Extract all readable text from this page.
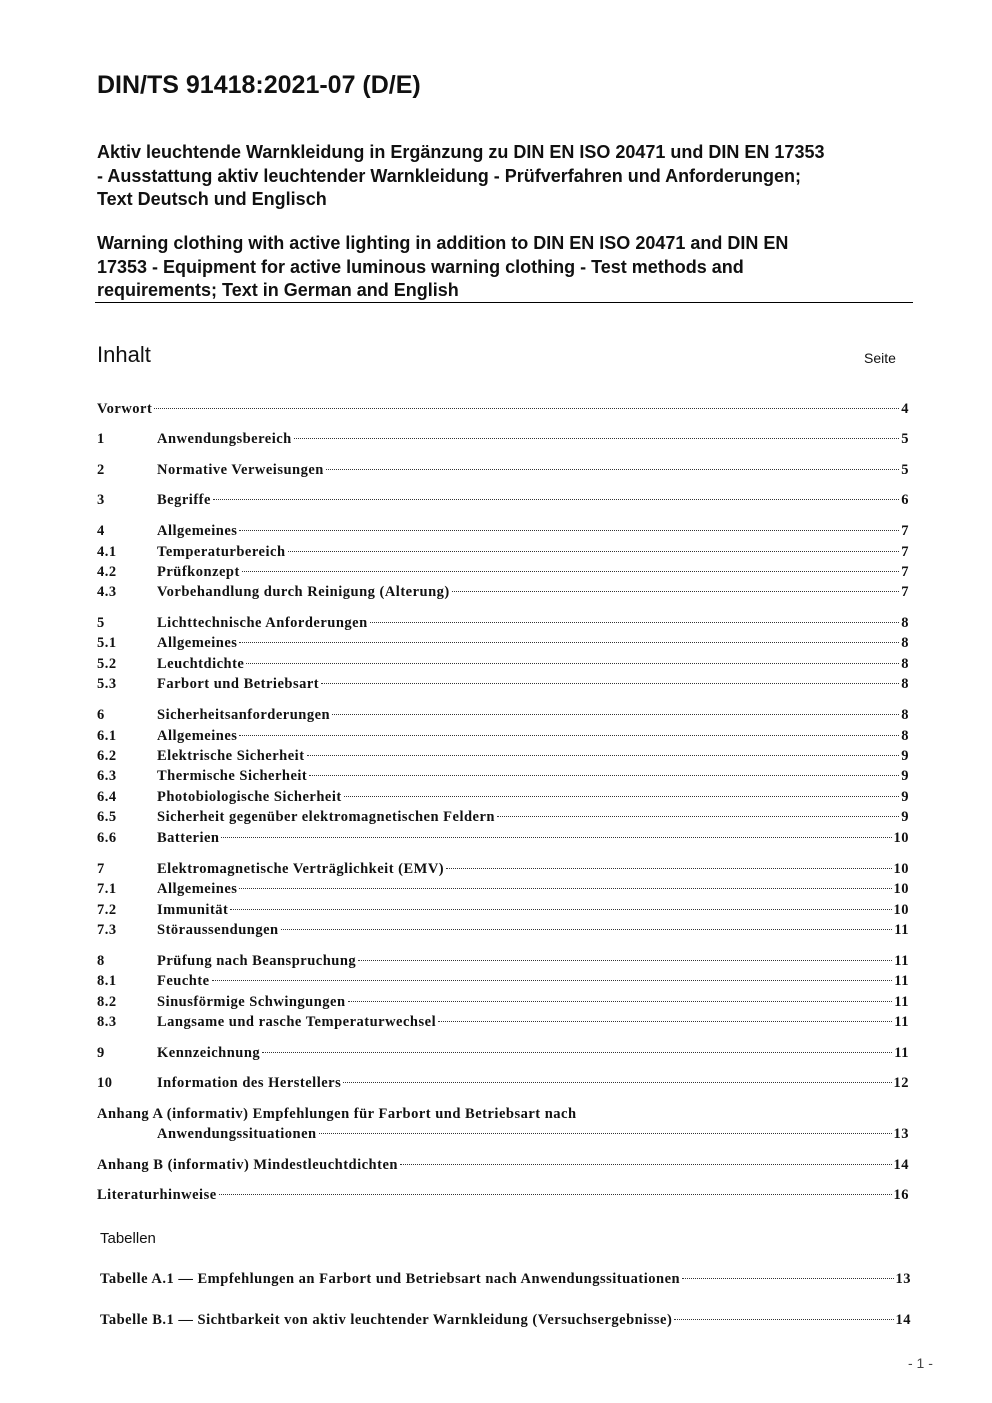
DIN/TS 91418:2021-07 (D/E)

Aktiv leuchtende Warnkleidung in Ergänzung zu DIN EN ISO 20471 und DIN EN 17353
- Ausstattung aktiv leuchtender Warnkleidung - Prüfverfahren und Anforderungen;
Text Deutsch und Englisch

Warning clothing with active lighting in addition to DIN EN ISO 20471 and DIN EN
17353 - Equipment for active luminous warning clothing - Test methods and
requirements; Text in German and English

Inhalt	Seite
Vorwort	4
1	Anwendungsbereich	5
2	Normative Verweisungen	5
3	Begriffe	6
4	Allgemeines	7
4.1	Temperaturbereich	7
4.2	Prüfkonzept	7
4.3	Vorbehandlung durch Reinigung (Alterung)	7
5	Lichttechnische Anforderungen	8
5.1	Allgemeines	8
5.2	Leuchtdichte	8
5.3	Farbort und Betriebsart	8
6	Sicherheitsanforderungen	8
6.1	Allgemeines	8
6.2	Elektrische Sicherheit	9
6.3	Thermische Sicherheit	9
6.4	Photobiologische Sicherheit	9
6.5	Sicherheit gegenüber elektromagnetischen Feldern	9
6.6	Batterien	10
7	Elektromagnetische Verträglichkeit (EMV)	10
7.1	Allgemeines	10
7.2	Immunität	10
7.3	Störaussendungen	11
8	Prüfung nach Beanspruchung	11
8.1	Feuchte	11
8.2	Sinusförmige Schwingungen	11
8.3	Langsame und rasche Temperaturwechsel	11
9	Kennzeichnung	11
10	Information des Herstellers	12
Anhang A (informativ) Empfehlungen für Farbort und Betriebsart nach
Anwendungssituationen	13
Anhang B (informativ) Mindestleuchtdichten	14
Literaturhinweise	16
Tabellen
Tabelle A.1 — Empfehlungen an Farbort und Betriebsart nach Anwendungssituationen	13
Tabelle B.1 — Sichtbarkeit von aktiv leuchtender Warnkleidung (Versuchsergebnisse)	14
- 1 -
